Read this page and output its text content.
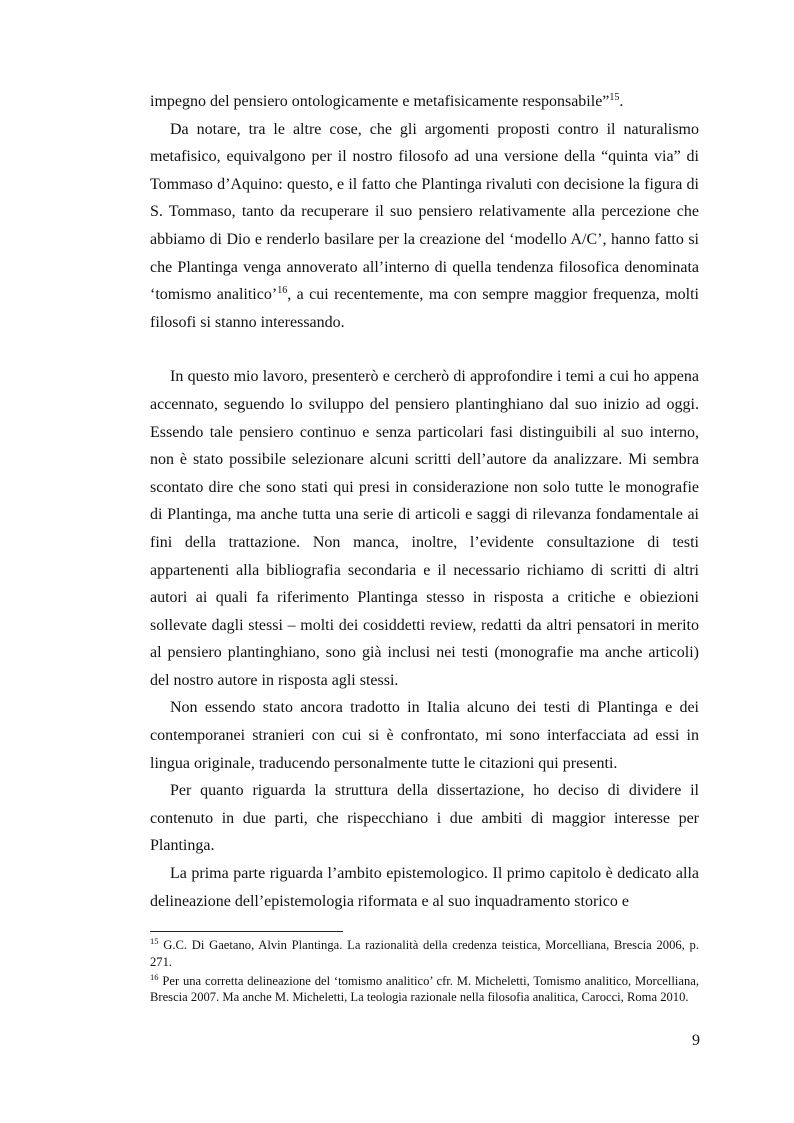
impegno del pensiero ontologicamente e metafisicamente responsabile”$^{15}$.

Da notare, tra le altre cose, che gli argomenti proposti contro il naturalismo metafisico, equivalgono per il nostro filosofo ad una versione della “quinta via” di Tommaso d’Aquino: questo, e il fatto che Plantinga rivaluti con decisione la figura di S. Tommaso, tanto da recuperare il suo pensiero relativamente alla percezione che abbiamo di Dio e renderlo basilare per la creazione del ‘modello A/C’, hanno fatto si che Plantinga venga annoverato all’interno di quella tendenza filosofica denominata ‘tomismo analitico’$^{16}$, a cui recentemente, ma con sempre maggior frequenza, molti filosofi si stanno interessando.

In questo mio lavoro, presenterò e cercherò di approfondire i temi a cui ho appena accennato, seguendo lo sviluppo del pensiero plantinghiano dal suo inizio ad oggi. Essendo tale pensiero continuo e senza particolari fasi distinguibili al suo interno, non è stato possibile selezionare alcuni scritti dell’autore da analizzare. Mi sembra scontato dire che sono stati qui presi in considerazione non solo tutte le monografie di Plantinga, ma anche tutta una serie di articoli e saggi di rilevanza fondamentale ai fini della trattazione. Non manca, inoltre, l’evidente consultazione di testi appartenenti alla bibliografia secondaria e il necessario richiamo di scritti di altri autori ai quali fa riferimento Plantinga stesso in risposta a critiche e obiezioni sollevate dagli stessi – molti dei cosiddetti review, redatti da altri pensatori in merito al pensiero plantinghiano, sono già inclusi nei testi (monografie ma anche articoli) del nostro autore in risposta agli stessi.

Non essendo stato ancora tradotto in Italia alcuno dei testi di Plantinga e dei contemporanei stranieri con cui si è confrontato, mi sono interfacciata ad essi in lingua originale, traducendo personalmente tutte le citazioni qui presenti.

Per quanto riguarda la struttura della dissertazione, ho deciso di dividere il contenuto in due parti, che rispecchiano i due ambiti di maggior interesse per Plantinga.

La prima parte riguarda l’ambito epistemologico. Il primo capitolo è dedicato alla delineazione dell’epistemologia riformata e al suo inquadramento storico e

$^{15}$ G.C. Di Gaetano, Alvin Plantinga. La razionalità della credenza teistica, Morcelliana, Brescia 2006, p. 271.

$^{16}$ Per una corretta delineazione del ‘tomismo analitico’ cfr. M. Micheletti, Tomismo analitico, Morcelliana, Brescia 2007. Ma anche M. Micheletti, La teologia razionale nella filosofia analitica, Carocci, Roma 2010.

9
